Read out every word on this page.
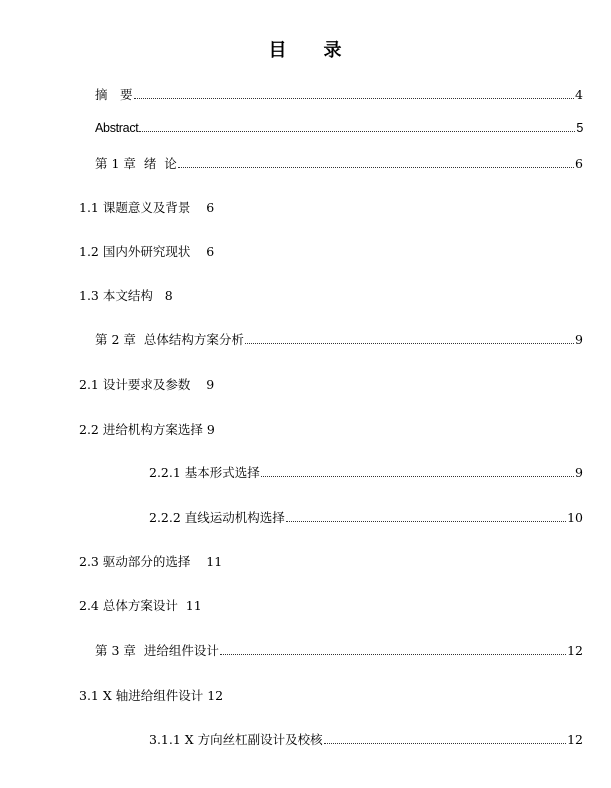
目 录
摘　要	4
Abstract	5
第 1 章  绪  论	6
1.1 课题意义及背景    6
1.2 国内外研究现状    6
1.3 本文结构   8
第 2 章  总体结构方案分析	9
2.1 设计要求及参数    9
2.2 进给机构方案选择 9
2.2.1 基本形式选择	9
2.2.2 直线运动机构选择	10
2.3 驱动部分的选择    11
2.4 总体方案设计  11
第 3 章  进给组件设计	12
3.1 X 轴进给组件设计 12
3.1.1 X 方向丝杠副设计及校核	12
